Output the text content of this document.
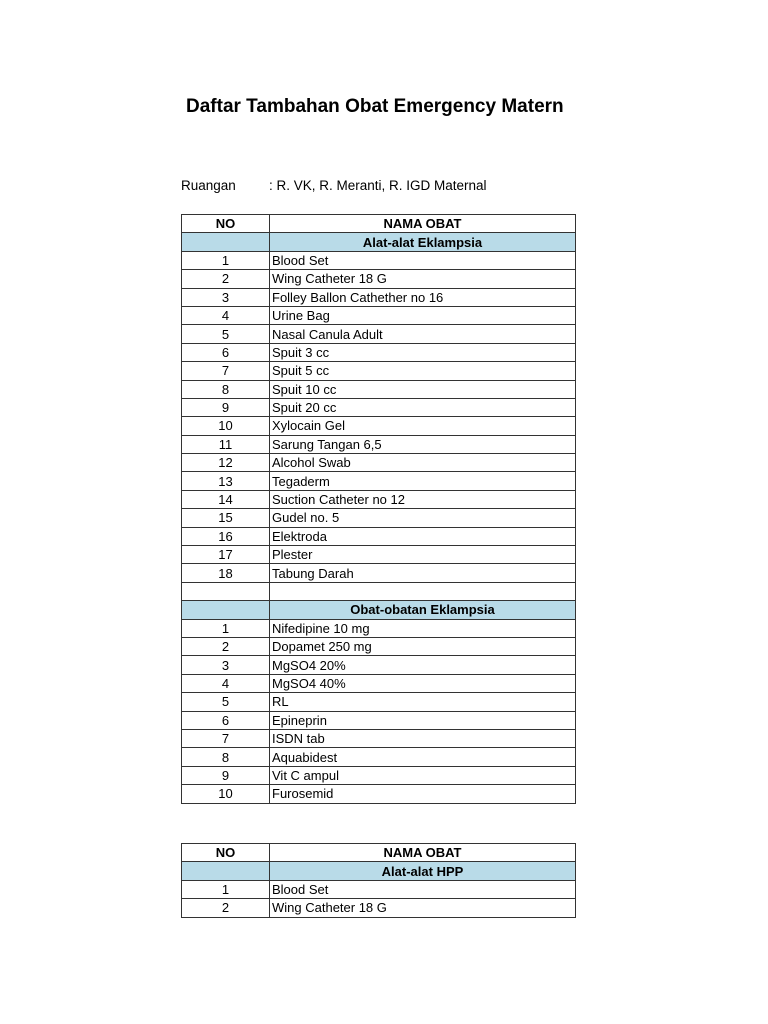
Daftar Tambahan Obat Emergency Matern
Ruangan : R. VK, R. Meranti, R. IGD Maternal
NO	NAMA OBAT
	Alat-alat Eklampsia
1	Blood Set
2	Wing Catheter 18 G
3	Folley Ballon Cathether no 16
4	Urine Bag
5	Nasal Canula Adult
6	Spuit 3 cc
7	Spuit 5 cc
8	Spuit 10 cc
9	Spuit 20 cc
10	Xylocain Gel
11	Sarung Tangan 6,5
12	Alcohol Swab
13	Tegaderm
14	Suction Catheter no 12
15	Gudel no. 5
16	Elektroda
17	Plester
18	Tabung Darah

	Obat-obatan Eklampsia
1	Nifedipine 10 mg
2	Dopamet 250 mg
3	MgSO4 20%
4	MgSO4 40%
5	RL
6	Epineprin
7	ISDN tab
8	Aquabidest
9	Vit C ampul
10	Furosemid
NO	NAMA OBAT
	Alat-alat HPP
1	Blood Set
2	Wing Catheter 18 G
